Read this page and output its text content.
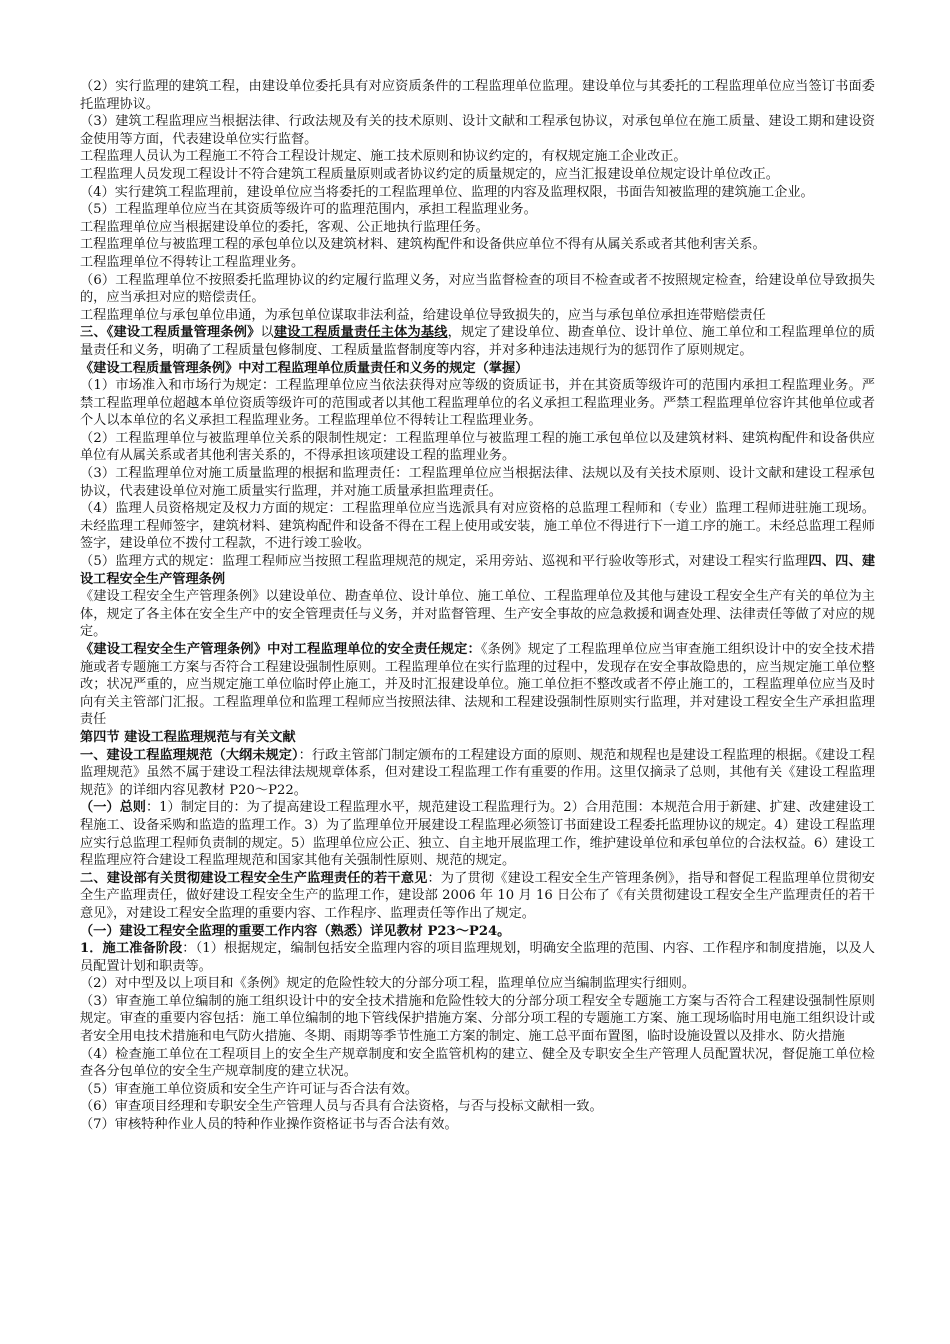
（2）实行监理的建筑工程，由建设单位委托具有对应资质条件的工程监理单位监理。建设单位与其委托的工程监理单位应当签订书面委托监理协议。
（3）建筑工程监理应当根据法律、行政法规及有关的技术原则、设计文献和工程承包协议，对承包单位在施工质量、建设工期和建设资金使用等方面，代表建设单位实行监督。
工程监理人员认为工程施工不符合工程设计规定、施工技术原则和协议约定的，有权规定施工企业改正。
工程监理人员发现工程设计不符合建筑工程质量原则或者协议约定的质量规定的，应当汇报建设单位规定设计单位改正。
（4）实行建筑工程监理前，建设单位应当将委托的工程监理单位、监理的内容及监理权限，书面告知被监理的建筑施工企业。
（5）工程监理单位应当在其资质等级许可的监理范围内，承担工程监理业务。
工程监理单位应当根据建设单位的委托，客观、公正地执行监理任务。
工程监理单位与被监理工程的承包单位以及建筑材料、建筑构配件和设备供应单位不得有从属关系或者其他利害关系。
工程监理单位不得转让工程监理业务。
（6）工程监理单位不按照委托监理协议的约定履行监理义务，对应当监督检查的项目不检查或者不按照规定检查，给建设单位导致损失的，应当承担对应的赔偿责任。
工程监理单位与承包单位串通，为承包单位谋取非法利益，给建设单位导致损失的，应当与承包单位承担连带赔偿责任
三、《建设工程质量管理条例》以建设工程质量责任主体为基线，规定了建设单位、勘查单位、设计单位、施工单位和工程监理单位的质量责任和义务，明确了工程质量包修制度、工程质量监督制度等内容，并对多种违法违规行为的惩罚作了原则规定。
《建设工程质量管理条例》中对工程监理单位质量责任和义务的规定（掌握）
（1）市场准入和市场行为规定：工程监理单位应当依法获得对应等级的资质证书，并在其资质等级许可的范围内承担工程监理业务。严禁工程监理单位超越本单位资质等级许可的范围或者以其他工程监理单位的名义承担工程监理业务。严禁工程监理单位容许其他单位或者个人以本单位的名义承担工程监理业务。工程监理单位不得转让工程监理业务。
（2）工程监理单位与被监理单位关系的限制性规定：工程监理单位与被监理工程的施工承包单位以及建筑材料、建筑构配件和设备供应单位有从属关系或者其他利害关系的，不得承担该项建设工程的监理业务。
（3）工程监理单位对施工质量监理的根据和监理责任：工程监理单位应当根据法律、法规以及有关技术原则、设计文献和建设工程承包协议，代表建设单位对施工质量实行监理，并对施工质量承担监理责任。
（4）监理人员资格规定及权力方面的规定：工程监理单位应当选派具有对应资格的总监理工程师和（专业）监理工程师进驻施工现场。未经监理工程师签字，建筑材料、建筑构配件和设备不得在工程上使用或安装，施工单位不得进行下一道工序的施工。未经总监理工程师签字，建设单位不拨付工程款，不进行竣工验收。
（5）监理方式的规定：监理工程师应当按照工程监理规范的规定，采用旁站、巡视和平行验收等形式，对建设工程实行监理四、四、建设工程安全生产管理条例
《建设工程安全生产管理条例》以建设单位、勘查单位、设计单位、施工单位、工程监理单位及其他与建设工程安全生产有关的单位为主体，规定了各主体在安全生产中的安全管理责任与义务，并对监督管理、生产安全事故的应急救援和调查处理、法律责任等做了对应的规定。
《建设工程安全生产管理条例》中对工程监理单位的安全责任规定：《条例》规定了工程监理单位应当审查施工组织设计中的安全技术措施或者专题施工方案与否符合工程建设强制性原则。工程监理单位在实行监理的过程中，发现存在安全事故隐患的，应当规定施工单位整改；状况严重的，应当规定施工单位临时停止施工，并及时汇报建设单位。施工单位拒不整改或者不停止施工的，工程监理单位应当及时向有关主管部门汇报。工程监理单位和监理工程师应当按照法律、法规和工程建设强制性原则实行监理，并对建设工程安全生产承担监理责任
第四节 建设工程监理规范与有关文献
一、建设工程监理规范（大纲未规定）：行政主管部门制定颁布的工程建设方面的原则、规范和规程也是建设工程监理的根据。《建设工程监理规范》虽然不属于建设工程法律法规规章体系，但对建设工程监理工作有重要的作用。这里仅摘录了总则，其他有关《建设工程监理规范》的详细内容见教材 P20～P22。
（一）总则：1）制定目的：为了提高建设工程监理水平，规范建设工程监理行为。2）合用范围：本规范合用于新建、扩建、改建建设工程施工、设备采购和监造的监理工作。3）为了监理单位开展建设工程监理必须签订书面建设工程委托监理协议的规定。4）建设工程监理应实行总监理工程师负责制的规定。5）监理单位应公正、独立、自主地开展监理工作，维护建设单位和承包单位的合法权益。6）建设工程监理应符合建设工程监理规范和国家其他有关强制性原则、规范的规定。
二、建设部有关贯彻建设工程安全生产监理责任的若干意见：为了贯彻《建设工程安全生产管理条例》，指导和督促工程监理单位贯彻安全生产监理责任，做好建设工程安全生产的监理工作，建设部 2006 年 10 月 16 日公布了《有关贯彻建设工程安全生产监理责任的若干意见》，对建设工程安全监理的重要内容、工作程序、监理责任等作出了规定。
（一）建设工程安全监理的重要工作内容（熟悉）详见教材 P23～P24。
1．施工准备阶段：（1）根据规定，编制包括安全监理内容的项目监理规划，明确安全监理的范围、内容、工作程序和制度措施，以及人员配置计划和职责等。
（2）对中型及以上项目和《条例》规定的危险性较大的分部分项工程，监理单位应当编制监理实行细则。
（3）审查施工单位编制的施工组织设计中的安全技术措施和危险性较大的分部分项工程安全专题施工方案与否符合工程建设强制性原则规定。审查的重要内容包括：施工单位编制的地下管线保护措施方案、分部分项工程的专题施工方案、施工现场临时用电施工组织设计或者安全用电技术措施和电气防火措施、冬期、雨期等季节性施工方案的制定、施工总平面布置图，临时设施设置以及排水、防火措施
（4）检查施工单位在工程项目上的安全生产规章制度和安全监管机构的建立、健全及专职安全生产管理人员配置状况，督促施工单位检查各分包单位的安全生产规章制度的建立状况。
（5）审查施工单位资质和安全生产许可证与否合法有效。
（6）审查项目经理和专职安全生产管理人员与否具有合法资格，与否与投标文献相一致。
（7）审核特种作业人员的特种作业操作资格证书与否合法有效。
